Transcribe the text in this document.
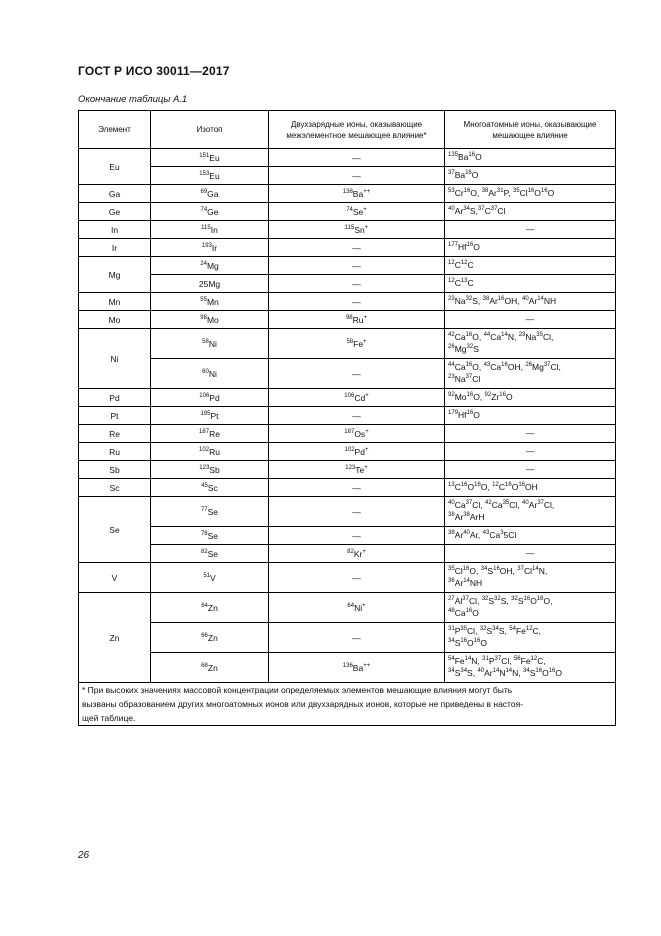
ГОСТ Р ИСО 30011—2017
Окончание таблицы А.1
Элемент	Изотоп	Двухзарядные ионы, оказывающие межэлементное мешающее влияние*	Многоатомные ионы, оказывающие мешающее влияние
Eu	$^{151}$Eu	—	$^{135}$Ba$^{16}$O
	$^{153}$Eu	—	$^{37}$Ba$^{16}$O
Ga	$^{69}$Ga	$^{138}$Ba++	$^{53}$Cr$^{16}$O, $^{38}$Ar$^{31}$P, $^{35}Cl^{16}O^{16}O$
Ge	$^{74}$Ge	$^{74}$Se+	$^{40}Ar^{34}S,^{37}C^{37}Cl$
In	$^{115}$In	$^{115}$Sn+	—
Ir	$^{193}$Ir	—	$^{177}$Hf$^{16}$O
Mg	$^{24}$Mg	—	$^{12}C^{12}C$
	25Mg	—	$^{12}C^{13}C$
Mn	$^{55}$Mn	—	$^{23}$Na$^{32}$S, $^{38}$Ar$^{16}$OH, $^{40}$Ar$^{14}$NH
Mo	$^{98}$Mo	$^{98}$Ru+	—
Ni	$^{58}$Ni	$^{58}$Fe+	$^{42}$Ca$^{16}$O, $^{44}$Ca$^{14}$N, $^{23}$Na$^{35}$Cl,
$^{26}$Mg$^{32}$S
	$^{60}$Ni	—	$^{44}$Ca$^{16}$O, $^{43}$Ca$^{16}$OH, $^{26}$Mg$^{37}$Cl,
$^{23}$Na$^{37}$Cl
Pd	$^{106}$Pd	$^{106}$Cd+	$^{92}$Mo$^{16}$O, $^{92}$Zr$^{16}$O
Pt	$^{195}$Pt	—	$^{179}$Hf$^{16}$O
Re	$^{187}$Re	$^{187}$Os+	—
Ru	$^{102}$Ru	$^{102}$Pd+	—
Sb	$^{123}$Sb	$^{123}$Te+	—
Sc	$^{45}$Sc	—	$^{13}C^{16}O^{16}O$, $^{12}C^{16}O^{16}OH$
Se	$^{77}$Se	—	$^{40}$Ca$^{37}$Cl, $^{42}$Ca$^{35}$Cl, $^{40}$Ar$^{37}$Cl,
$^{38}$Ar$^{38}$ArH
	$^{78}$Se	—	$^{38}$Ar$^{40}$Ar, $^{43}$Ca$^3$5Cl
	$^{82}$Se	$^{82}$Kr+	—
V	$^{51}$V	—	$^{35}$Cl$^{16}$O, $^{34}S^{16}OH$, $^{37}$Cl$^{14}$N,
$^{36}$Ar$^{14}$NH
Zn	$^{64}$Zn	$^{64}$Ni+	$^{27}$Al$^{37}$Cl, $^{32}S^{32}S$, $^{32}S^{16}O^{16}O$,
$^{48}$Ca$^{16}$O
	$^{66}$Zn	—	$^{31}P^{35}Cl$, $^{32}S^{34}S$, $^{54}$Fe$^{12}$C,
$^{34}S^{16}O^{16}O$
	$^{68}$Zn	$^{136}$Ba++	$^{54}$Fe$^{14}$N, $^{31}P^{37}Cl$, $^{56}$Fe$^{12}$C,
$^{34}S^{34}S$, $^{40}Ar^{14}N^{14}N$, $^{34}S^{16}O^{16}O$

* При высоких значениях массовой концентрации определяемых элементов мешающие влияния могут быть
вызваны образованием других многоатомных ионов или двухзарядных ионов, которые не приведены в настоя-
щей таблице.			
26
